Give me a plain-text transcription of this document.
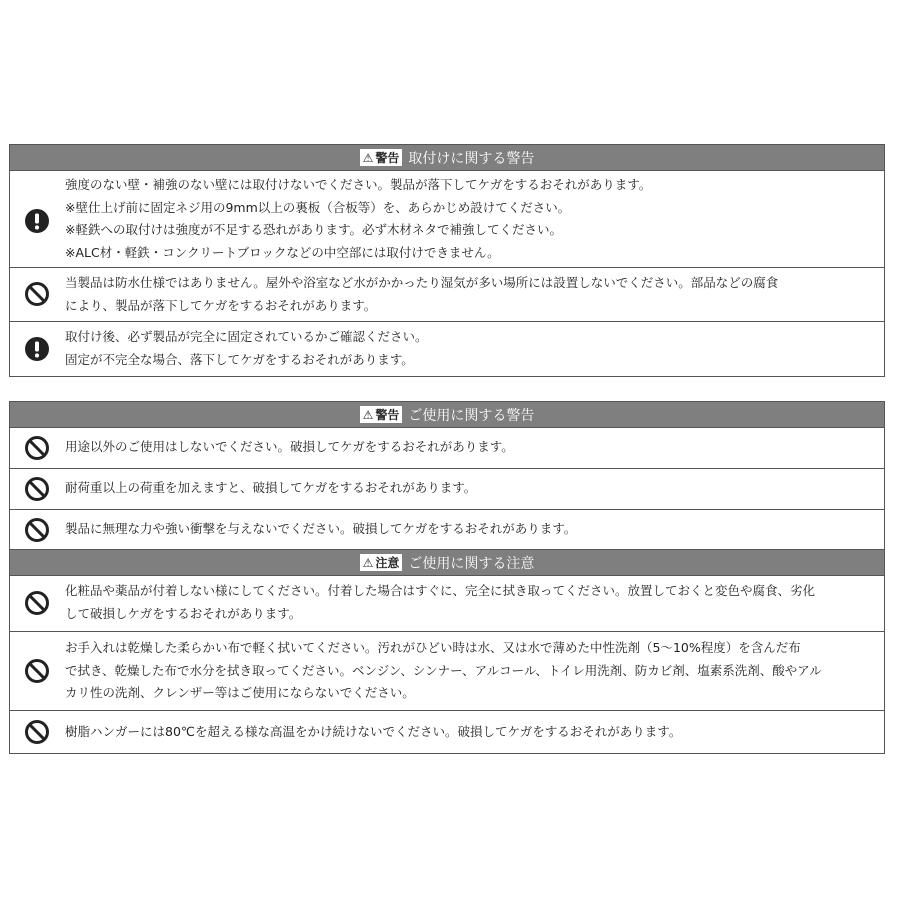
⚠ 警告 取付けに関する警告
強度のない壁・補強のない壁には取付けないでください。製品が落下してケガをするおそれがあります。
※壁仕上げ前に固定ネジ用の9mm以上の裏板（合板等）を、あらかじめ設けてください。
※軽鉄への取付けは強度が不足する恐れがあります。必ず木材ネタで補強してください。
※ALC材・軽鉄・コンクリートブロックなどの中空部には取付けできません。
当製品は防水仕様ではありません。屋外や浴室など水がかかったり湿気が多い場所には設置しないでください。部品などの腐食
により、製品が落下してケガをするおそれがあります。
取付け後、必ず製品が完全に固定されているかご確認ください。
固定が不完全な場合、落下してケガをするおそれがあります。
⚠ 警告 ご使用に関する警告
用途以外のご使用はしないでください。破損してケガをするおそれがあります。
耐荷重以上の荷重を加えますと、破損してケガをするおそれがあります。
製品に無理な力や強い衝撃を与えないでください。破損してケガをするおそれがあります。
⚠ 注意 ご使用に関する注意
化粧品や薬品が付着しない様にしてください。付着した場合はすぐに、完全に拭き取ってください。放置しておくと変色や腐食、劣化
して破損しケガをするおそれがあります。
お手入れは乾燥した柔らかい布で軽く拭いてください。汚れがひどい時は水、又は水で薄めた中性洗剤（5〜10%程度）を含んだ布
で拭き、乾燥した布で水分を拭き取ってください。ベンジン、シンナー、アルコール、トイレ用洗剤、防カビ剤、塩素系洗剤、酸やアル
カリ性の洗剤、クレンザー等はご使用にならないでください。
樹脂ハンガーには80℃を超える様な高温をかけ続けないでください。破損してケガをするおそれがあります。
